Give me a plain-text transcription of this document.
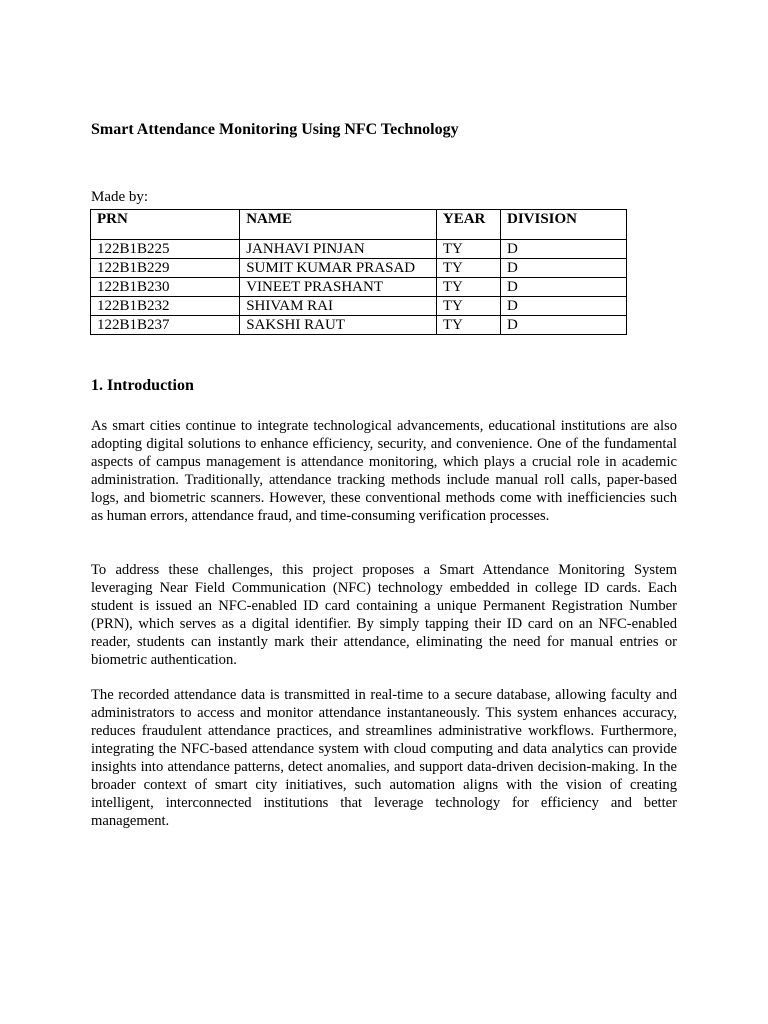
Smart Attendance Monitoring Using NFC Technology
Made by:
PRN	NAME	YEAR	DIVISION
122B1B225	JANHAVI PINJAN	TY	D
122B1B229	SUMIT KUMAR PRASAD	TY	D
122B1B230	VINEET PRASHANT	TY	D
122B1B232	SHIVAM RAI	TY	D
122B1B237	SAKSHI RAUT	TY	D
1. Introduction

As smart cities continue to integrate technological advancements, educational institutions are also adopting digital solutions to enhance efficiency, security, and convenience. One of the fundamental aspects of campus management is attendance monitoring, which plays a crucial role in academic administration. Traditionally, attendance tracking methods include manual roll calls, paper-based logs, and biometric scanners. However, these conventional methods come with inefficiencies such as human errors, attendance fraud, and time-consuming verification processes.

To address these challenges, this project proposes a Smart Attendance Monitoring System leveraging Near Field Communication (NFC) technology embedded in college ID cards. Each student is issued an NFC-enabled ID card containing a unique Permanent Registration Number (PRN), which serves as a digital identifier. By simply tapping their ID card on an NFC-enabled reader, students can instantly mark their attendance, eliminating the need for manual entries or biometric authentication.

The recorded attendance data is transmitted in real-time to a secure database, allowing faculty and administrators to access and monitor attendance instantaneously. This system enhances accuracy, reduces fraudulent attendance practices, and streamlines administrative workflows. Furthermore, integrating the NFC-based attendance system with cloud computing and data analytics can provide insights into attendance patterns, detect anomalies, and support data-driven decision-making. In the broader context of smart city initiatives, such automation aligns with the vision of creating intelligent, interconnected institutions that leverage technology for efficiency and better management.
